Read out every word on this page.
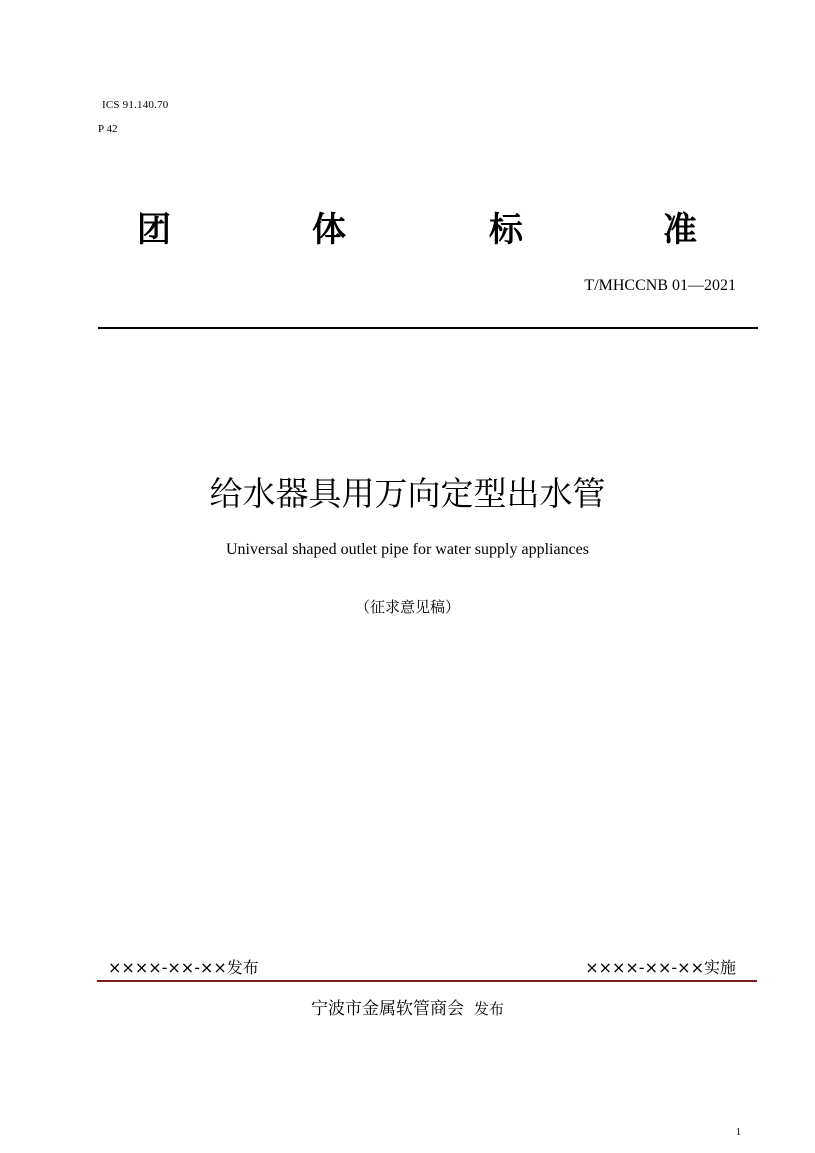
ICS 91.140.70
P 42
团	体	标	准
T/MHCCNB 01—2021
给水器具用万向定型出水管
Universal shaped outlet pipe for water supply appliances
（征求意见稿）
××××-××-××发布	××××-××-××实施
宁波市金属软管商会 发布
1
